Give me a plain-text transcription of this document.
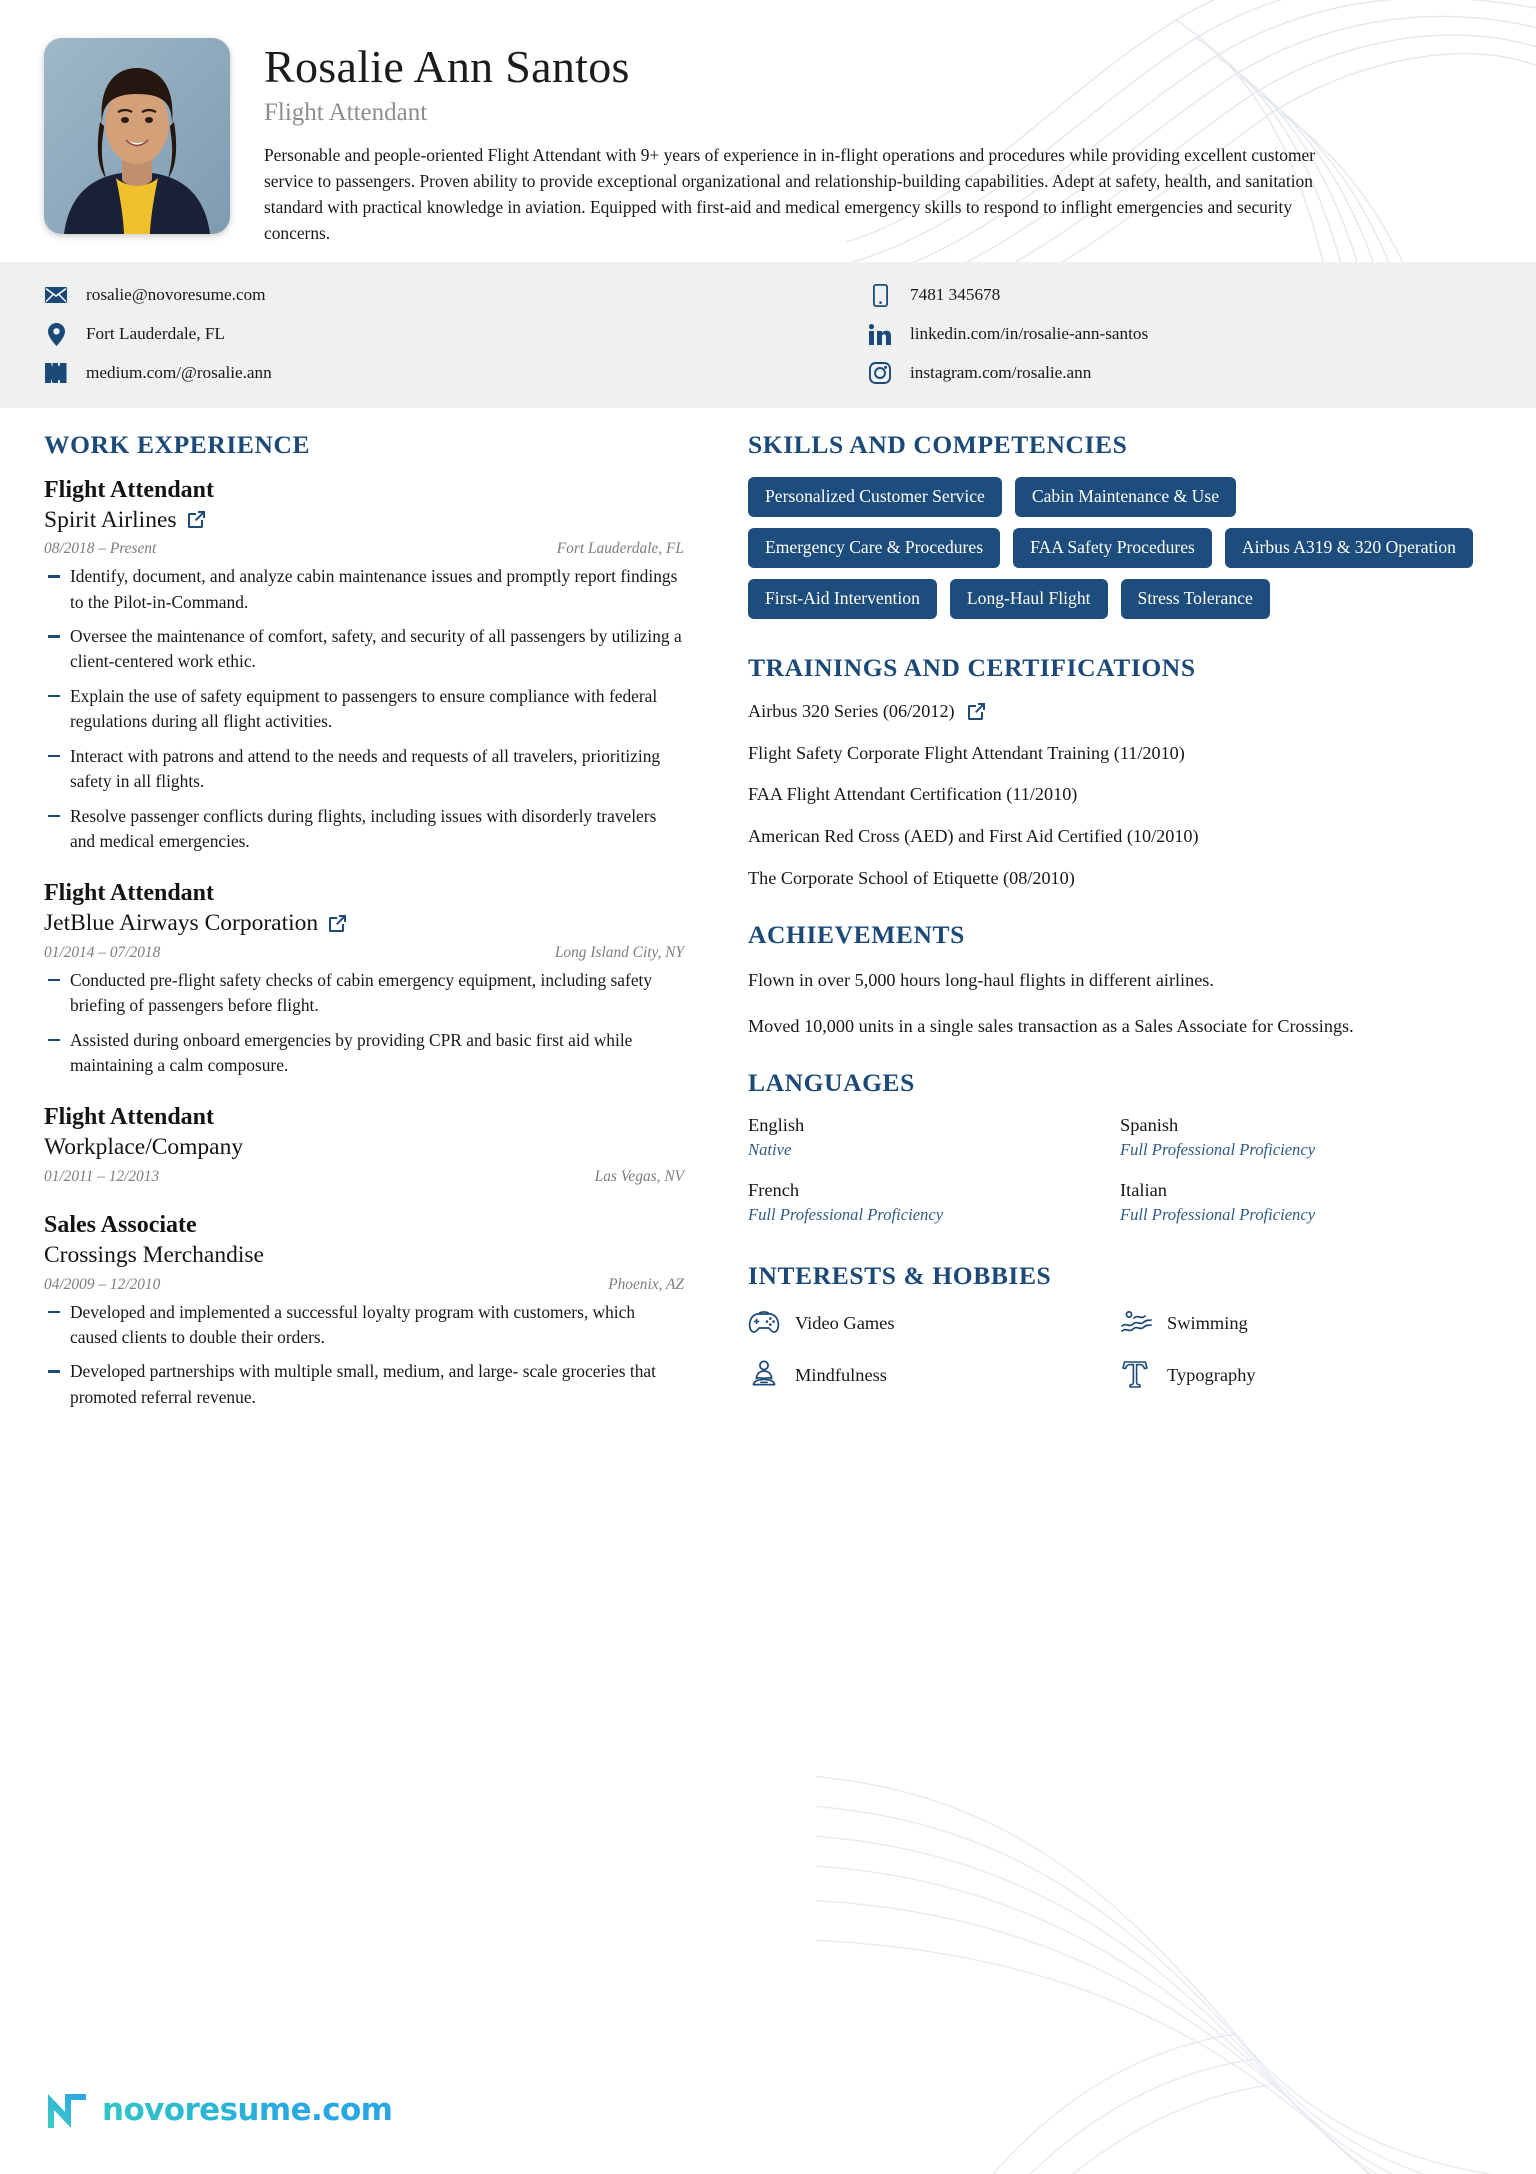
Rosalie Ann Santos
Flight Attendant
Personable and people-oriented Flight Attendant with 9+ years of experience in in-flight operations and procedures while providing excellent customer service to passengers. Proven ability to provide exceptional organizational and relationship-building capabilities. Adept at safety, health, and sanitation standard with practical knowledge in aviation. Equipped with first-aid and medical emergency skills to respond to inflight emergencies and security concerns.
rosalie@novoresume.com
Fort Lauderdale, FL
medium.com/@rosalie.ann
7481 345678
linkedin.com/in/rosalie-ann-santos
instagram.com/rosalie.ann
WORK EXPERIENCE
Flight Attendant
Spirit Airlines
08/2018 – Present	Fort Lauderdale, FL
Identify, document, and analyze cabin maintenance issues and promptly report findings to the Pilot-in-Command.
Oversee the maintenance of comfort, safety, and security of all passengers by utilizing a client-centered work ethic.
Explain the use of safety equipment to passengers to ensure compliance with federal regulations during all flight activities.
Interact with patrons and attend to the needs and requests of all travelers, prioritizing safety in all flights.
Resolve passenger conflicts during flights, including issues with disorderly travelers and medical emergencies.
Flight Attendant
JetBlue Airways Corporation
01/2014 – 07/2018	Long Island City, NY
Conducted pre-flight safety checks of cabin emergency equipment, including safety briefing of passengers before flight.
Assisted during onboard emergencies by providing CPR and basic first aid while maintaining a calm composure.
Flight Attendant
Workplace/Company
01/2011 – 12/2013	Las Vegas, NV
Sales Associate
Crossings Merchandise
04/2009 – 12/2010	Phoenix, AZ
Developed and implemented a successful loyalty program with customers, which caused clients to double their orders.
Developed partnerships with multiple small, medium, and large- scale groceries that promoted referral revenue.
SKILLS AND COMPETENCIES
Personalized Customer Service	Cabin Maintenance & Use
Emergency Care & Procedures	FAA Safety Procedures	Airbus A319 & 320 Operation
First-Aid Intervention	Long-Haul Flight	Stress Tolerance
TRAININGS AND CERTIFICATIONS
Airbus 320 Series (06/2012)
Flight Safety Corporate Flight Attendant Training (11/2010)
FAA Flight Attendant Certification (11/2010)
American Red Cross (AED) and First Aid Certified (10/2010)
The Corporate School of Etiquette (08/2010)
ACHIEVEMENTS
Flown in over 5,000 hours long-haul flights in different airlines.
Moved 10,000 units in a single sales transaction as a Sales Associate for Crossings.
LANGUAGES
English
Native
Spanish
Full Professional Proficiency
French
Full Professional Proficiency
Italian
Full Professional Proficiency
INTERESTS & HOBBIES
Video Games	Swimming
Mindfulness	Typography
novoresume.com
